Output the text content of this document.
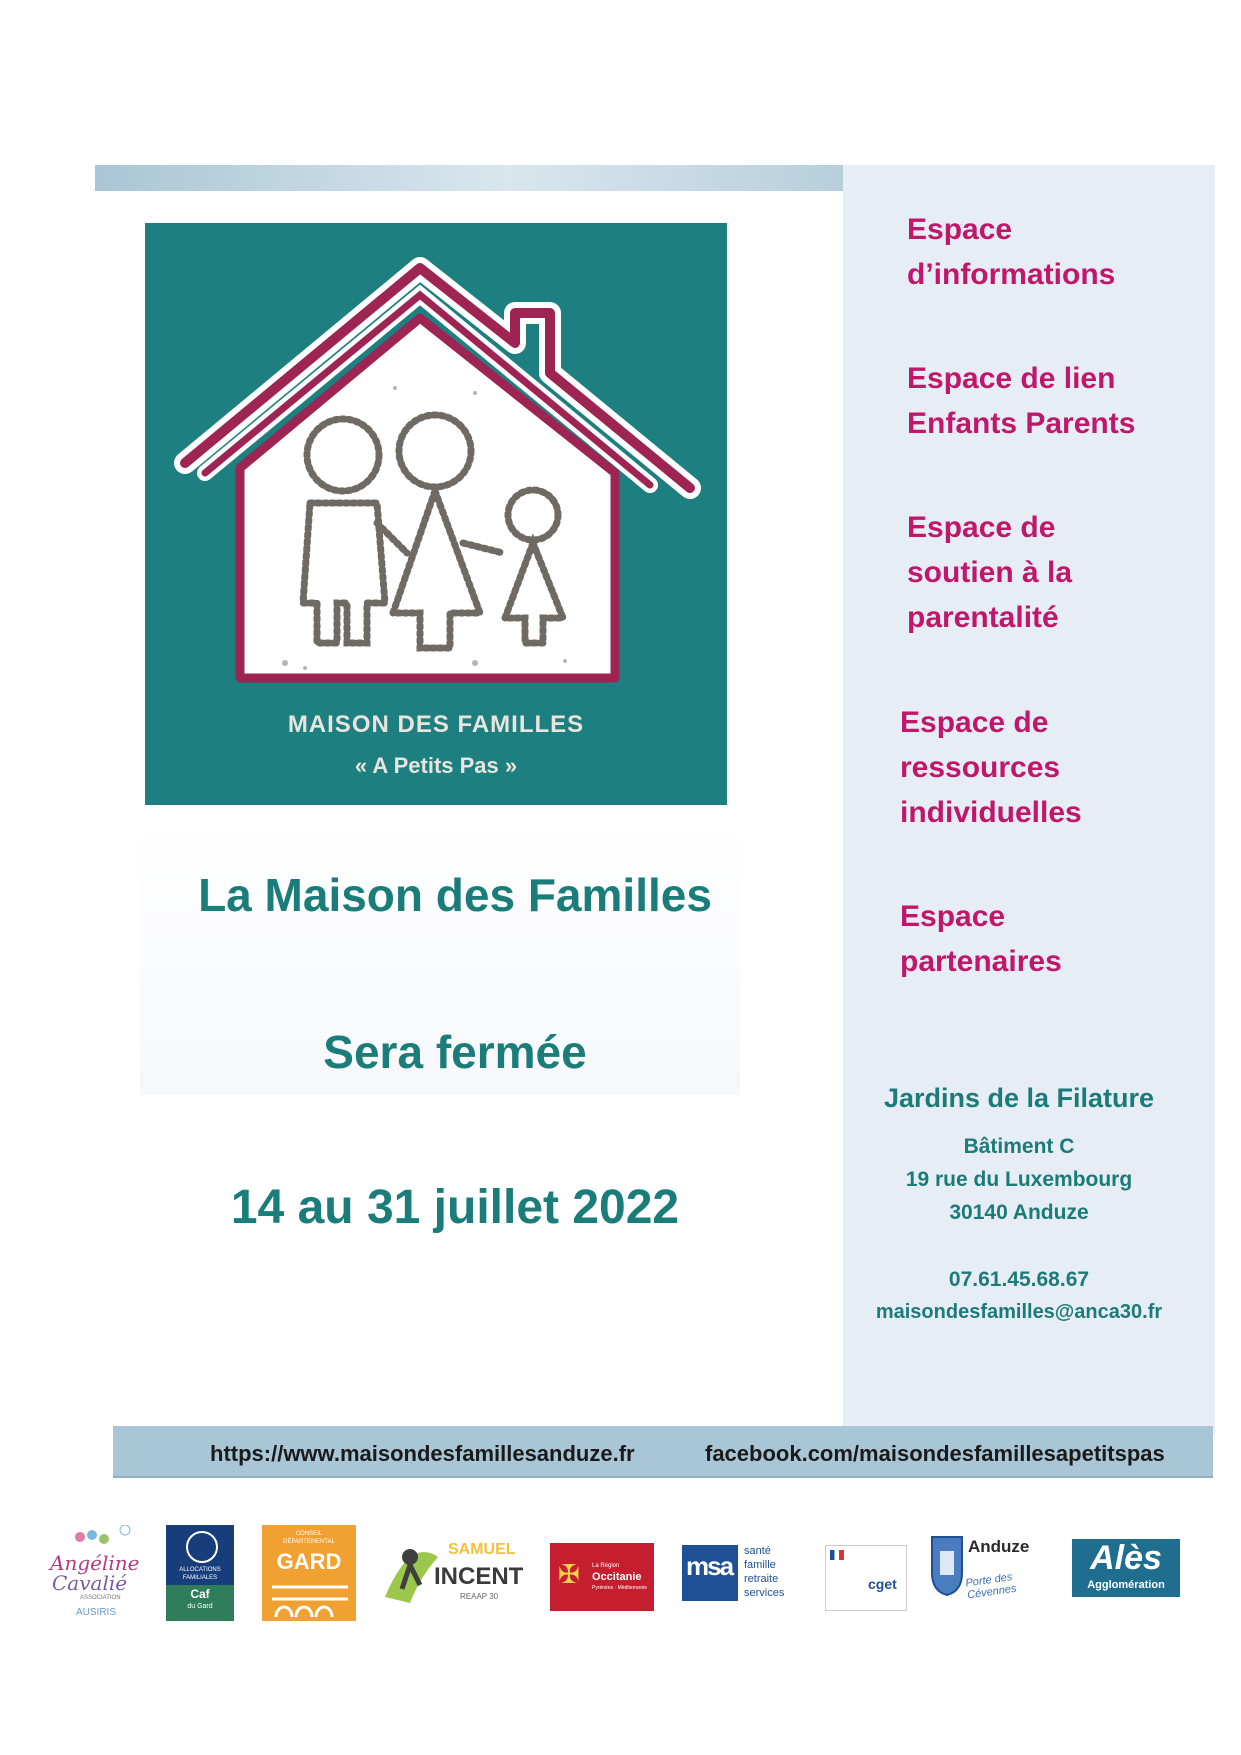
MAISON DES FAMILLES
« A Petits Pas »
La Maison des Familles
Sera fermée
14 au 31 juillet 2022
Espace
d’informations
Espace de lien
Enfants Parents
Espace de
soutien à la
parentalité
Espace de
ressources
individuelles
Espace
partenaires
Jardins de la Filature
Bâtiment C
19 rue du Luxembourg
30140 Anduze
07.61.45.68.67
maisondesfamilles@anca30.fr
https://www.maisondesfamillesanduze.fr	facebook.com/maisondesfamillesapetitspas
Angéline
Cavalié
ASSOCIATION
AUSIRIS
ALLOCATIONS
FAMILIALES
Caf
du Gard
CONSEIL
DÉPARTEMENTAL
GARD	SAMUEL
INCENT
REAAP 30
✠ La Région
Occitanie
Pyrénées · Méditerranée
msa santé
famille
retraite
services
cget
Anduze
Porte des Cévennes
Alès
Agglomération
